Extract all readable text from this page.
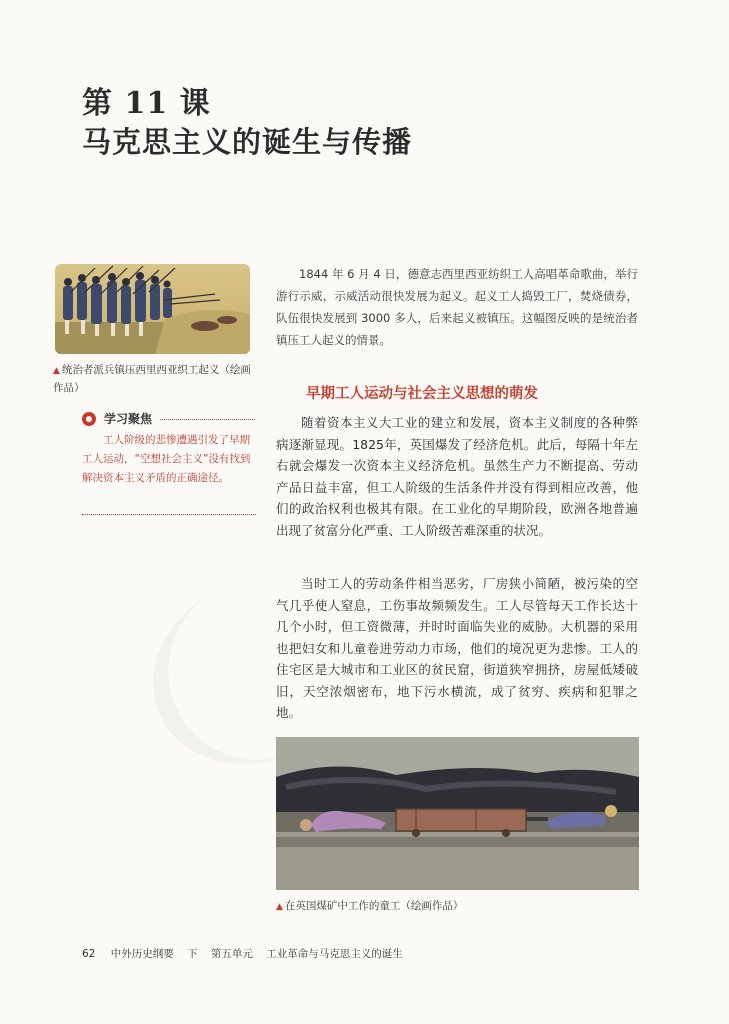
第 11 课
马克思主义的诞生与传播
▲ 统治者派兵镇压西里西亚织工起义（绘画作品）
学习聚焦
工人阶级的悲惨遭遇引发了早期工人运动，“空想社会主义”没有找到解决资本主义矛盾的正确途径。
1844 年 6 月 4 日，德意志西里西亚纺织工人高唱革命歌曲，举行游行示威，示威活动很快发展为起义。起义工人捣毁工厂，焚烧债券，队伍很快发展到 3000 多人，后来起义被镇压。这幅图反映的是统治者镇压工人起义的情景。
早期工人运动与社会主义思想的萌发
随着资本主义大工业的建立和发展，资本主义制度的各种弊病逐渐显现。1825年，英国爆发了经济危机。此后，每隔十年左右就会爆发一次资本主义经济危机。虽然生产力不断提高、劳动产品日益丰富，但工人阶级的生活条件并没有得到相应改善，他们的政治权利也极其有限。在工业化的早期阶段，欧洲各地普遍出现了贫富分化严重、工人阶级苦难深重的状况。
当时工人的劳动条件相当恶劣，厂房狭小简陋，被污染的空气几乎使人窒息，工伤事故频频发生。工人尽管每天工作长达十几个小时，但工资微薄，并时时面临失业的威胁。大机器的采用也把妇女和儿童卷进劳动力市场，他们的境况更为悲惨。工人的住宅区是大城市和工业区的贫民窟，街道狭窄拥挤，房屋低矮破旧，天空浓烟密布，地下污水横流，成了贫穷、疾病和犯罪之地。
▲ 在英国煤矿中工作的童工（绘画作品）
62 中外历史纲要 下 第五单元 工业革命与马克思主义的诞生
